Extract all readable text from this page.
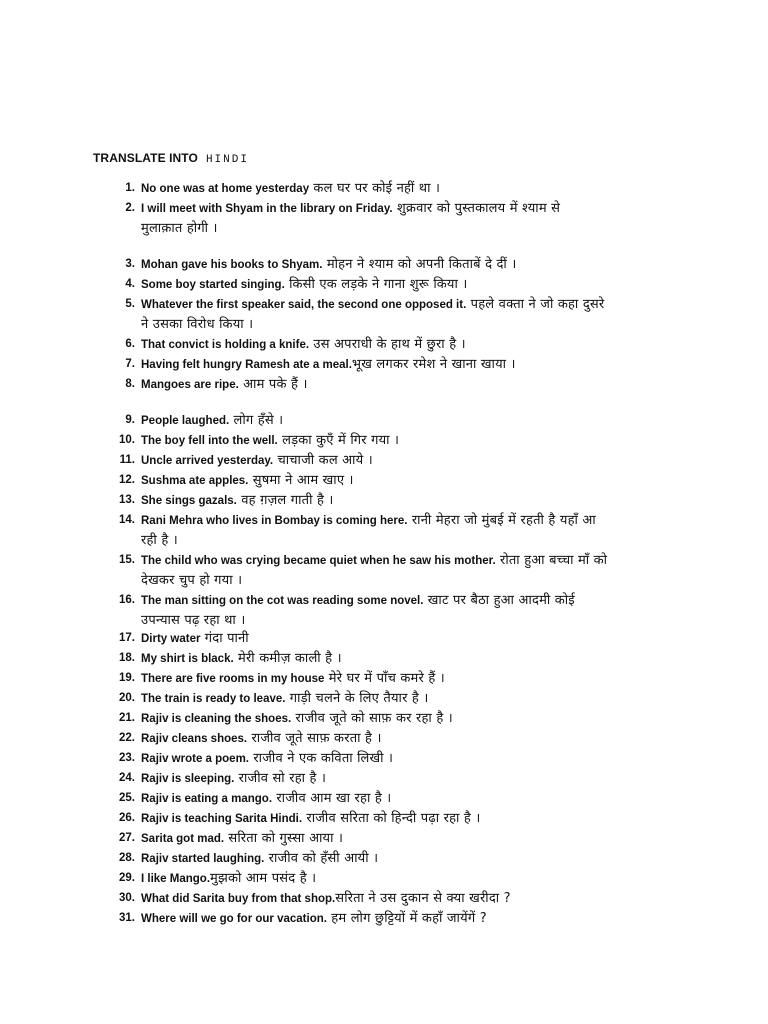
TRANSLATE INTO HINDI
1. No one was at home yesterday कल घर पर कोई नहीं था ।
2. I will meet with Shyam in the library on Friday. शुक्रवार को पुस्तकालय में श्याम से
मुलाक़ात होगी ।
3. Mohan gave his books to Shyam. मोहन ने श्याम को अपनी किताबें दे दीं ।
4. Some boy started singing. किसी एक लड़के ने गाना शुरू किया ।
5. Whatever the first speaker said, the second one opposed it. पहले वक्ता ने जो कहा दुसरे
ने उसका विरोध किया ।
6. That convict is holding a knife. उस अपराधी के हाथ में छुरा है ।
7. Having felt hungry Ramesh ate a meal.भूख लगकर रमेश ने खाना खाया ।
8. Mangoes are ripe. आम पके हैं ।
9. People laughed. लोग हँसे ।
10. The boy fell into the well. लड़का कुएँ में गिर गया ।
11. Uncle arrived yesterday. चाचाजी कल आये ।
12. Sushma ate apples. सुषमा ने आम खाए ।
13. She sings gazals. वह ग़ज़ल गाती है ।
14. Rani Mehra who lives in Bombay is coming here. रानी मेहरा जो मुंबई में रहती है यहाँ आ
रही है ।
15. The child who was crying became quiet when he saw his mother. रोता हुआ बच्चा माँ को
देखकर चुप हो गया ।
16. The man sitting on the cot was reading some novel. खाट पर बैठा हुआ आदमी कोई
उपन्यास पढ़ रहा था ।
17. Dirty water गंदा पानी
18. My shirt is black. मेरी कमीज़ काली है ।
19. There are five rooms in my house मेरे घर में पाँच कमरे हैं ।
20. The train is ready to leave. गाड़ी चलने के लिए तैयार है ।
21. Rajiv is cleaning the shoes. राजीव जूते को साफ़ कर रहा है ।
22. Rajiv cleans shoes. राजीव जूते साफ़ करता है ।
23. Rajiv wrote a poem. राजीव ने एक कविता लिखी ।
24. Rajiv is sleeping. राजीव सो रहा है ।
25. Rajiv is eating a mango. राजीव आम खा रहा है ।
26. Rajiv is teaching Sarita Hindi. राजीव सरिता को हिन्दी पढ़ा रहा है ।
27. Sarita got mad. सरिता को गुस्सा आया ।
28. Rajiv started laughing. राजीव को हँसी आयी ।
29. I like Mango.मुझको आम पसंद है ।
30. What did Sarita buy from that shop.सरिता ने उस दुकान से क्या खरीदा ?
31. Where will we go for our vacation. हम लोग छुट्टियों में कहाँ जायेंगें ?
